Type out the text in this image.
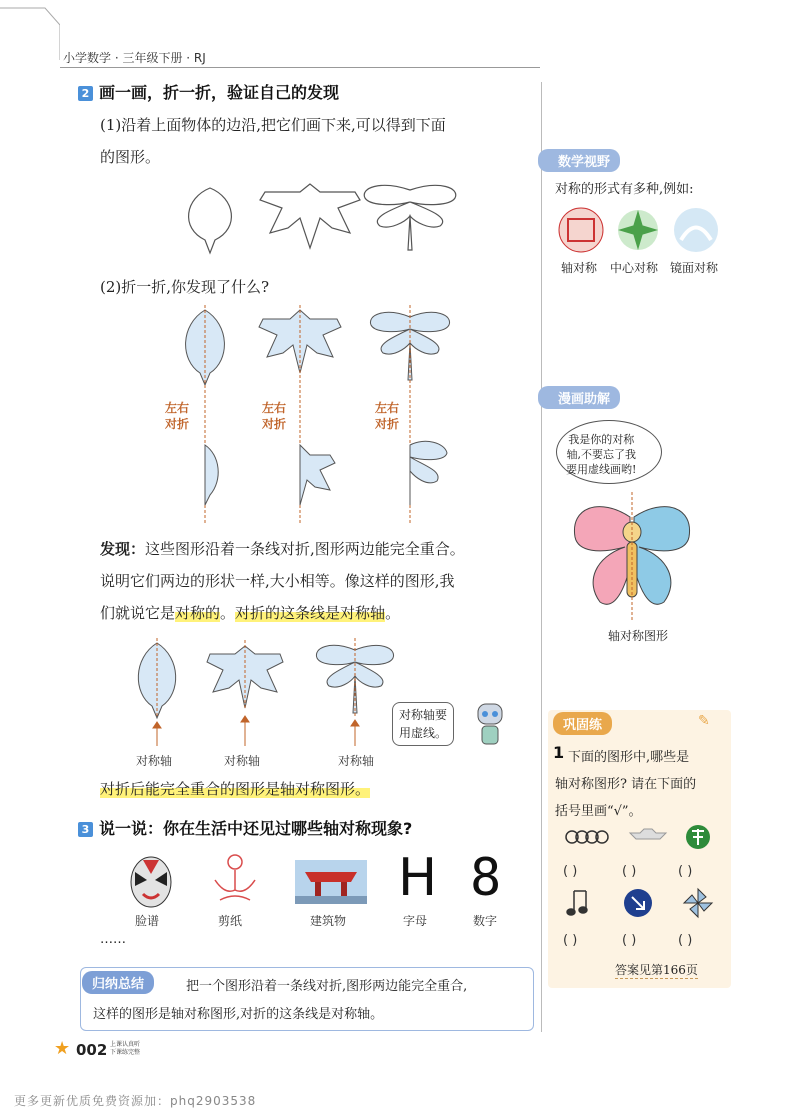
小学数学 · 三年级下册 · RJ
2 画一画，折一折，验证自己的发现
(1)沿着上面物体的边沿,把它们画下来,可以得到下面
的图形。
(2)折一折,你发现了什么?
左右
对折
左右
对折
左右
对折
发现：这些图形沿着一条线对折,图形两边能完全重合。
说明它们两边的形状一样,大小相等。像这样的图形,我
们就说它是对称的。对折的这条线是对称轴。
对称轴	对称轴	对称轴
对称轴要
用虚线。
对折后能完全重合的图形是轴对称图形。
3 说一说：你在生活中还见过哪些轴对称现象?
H 8
脸谱	剪纸	建筑物	字母	数字
……
归纳总结	把一个图形沿着一条线对折,图形两边能完全重合,
这样的图形是轴对称图形,对折的这条线是对称轴。
数学视野
对称的形式有多种,例如:
轴对称 中心对称 镜面对称
漫画助解
我是你的对称
轴,不要忘了我
要用虚线画哟!
轴对称图形
巩固练	✎
1 下面的图形中,哪些是
轴对称图形? 请在下面的
括号里画“√”。
( )	( )	( )
( )	( )	( )
答案见第166页
★ 002 上课认真听
下课练完整
更多更新优质免费资源加：phq2903538
